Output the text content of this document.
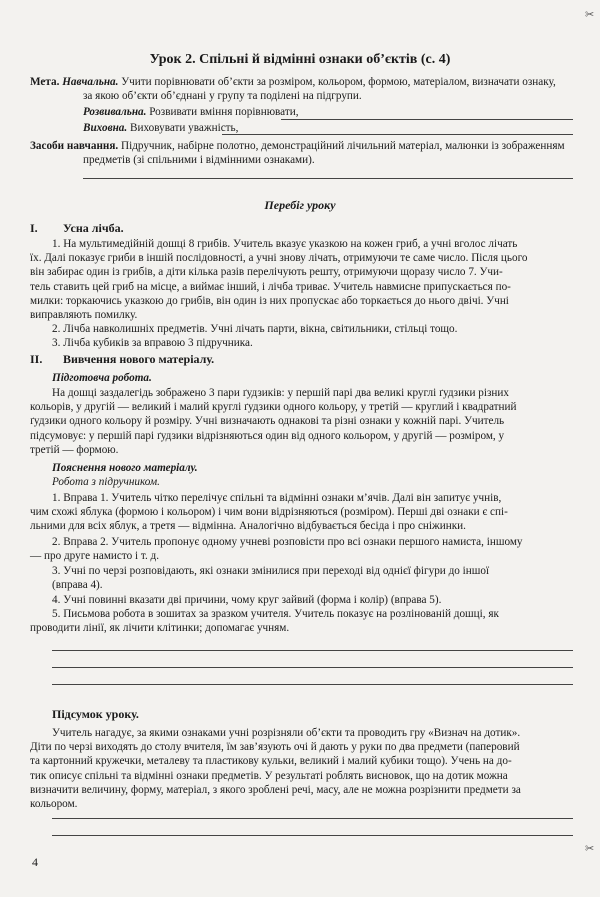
Урок 2. Спільні й відмінні ознаки об’єктів (с. 4)
Мета. Навчальна. Учити порівнювати об’єкти за розміром, кольором, формою, матеріалом, визначати ознаку,
за якою об’єкти об’єднані у групу та поділені на підгрупи.
Розвивальна. Розвивати вміння порівнювати,
Виховна. Виховувати уважність,
Засоби навчання. Підручник, набірне полотно, демонстраційний лічильний матеріал, малюнки із зображенням
предметів (зі спільними і відмінними ознаками).
Перебіг уроку
I. Усна лічба.
1. На мультимедійній дошці 8 грибів. Учитель вказує указкою на кожен гриб, а учні вголос лічать
їх. Далі показує гриби в іншій послідовності, а учні знову лічать, отримуючи те саме число. Після цього
він забирає один із грибів, а діти кілька разів перелічують решту, отримуючи щоразу число 7. Учи-
тель ставить цей гриб на місце, а виймає інший, і лічба триває. Учитель навмисне припускається по-
милки: торкаючись указкою до грибів, він один із них пропускає або торкається до нього двічі. Учні
виправляють помилку.
2. Лічба навколишніх предметів. Учні лічать парти, вікна, світильники, стільці тощо.
3. Лічба кубиків за вправою 3 підручника.
II. Вивчення нового матеріалу.
Підготовча робота.
На дошці заздалегідь зображено 3 пари ґудзиків: у першій парі два великі круглі ґудзики різних
кольорів, у другій — великий і малий круглі ґудзики одного кольору, у третій — круглий і квадратний
ґудзики одного кольору й розміру. Учні визначають однакові та різні ознаки у кожній парі. Учитель
підсумовує: у першій парі ґудзики відрізняються один від одного кольором, у другій — розміром, у
третій — формою.
Пояснення нового матеріалу.
Робота з підручником.
1. Вправа 1. Учитель чітко перелічує спільні та відмінні ознаки м’ячів. Далі він запитує учнів,
чим схожі яблука (формою і кольором) і чим вони відрізняються (розміром). Перші дві ознаки є спі-
льними для всіх яблук, а третя — відмінна. Аналогічно відбувається бесіда і про сніжинки.
2. Вправа 2. Учитель пропонує одному учневі розповісти про всі ознаки першого намиста, іншому
— про друге намисто і т. д.
3. Учні по черзі розповідають, які ознаки змінилися при переході від однієї фігури до іншої
(вправа 4).
4. Учні повинні вказати дві причини, чому круг зайвий (форма і колір) (вправа 5).
5. Письмова робота в зошитах за зразком учителя. Учитель показує на розлінованій дошці, як
проводити лінії, як лічити клітинки; допомагає учням.
Підсумок уроку.
Учитель нагадує, за якими ознаками учні розрізняли об’єкти та проводить гру «Визнач на дотик».
Діти по черзі виходять до столу вчителя, їм зав’язують очі й дають у руки по два предмети (паперовий
та картонний кружечки, металеву та пластикову кульки, великий і малий кубики тощо). Учень на до-
тик описує спільні та відмінні ознаки предметів. У результаті роблять висновок, що на дотик можна
визначити величину, форму, матеріал, з якого зроблені речі, масу, але не можна розрізнити предмети за
кольором.
4
✂
✂
